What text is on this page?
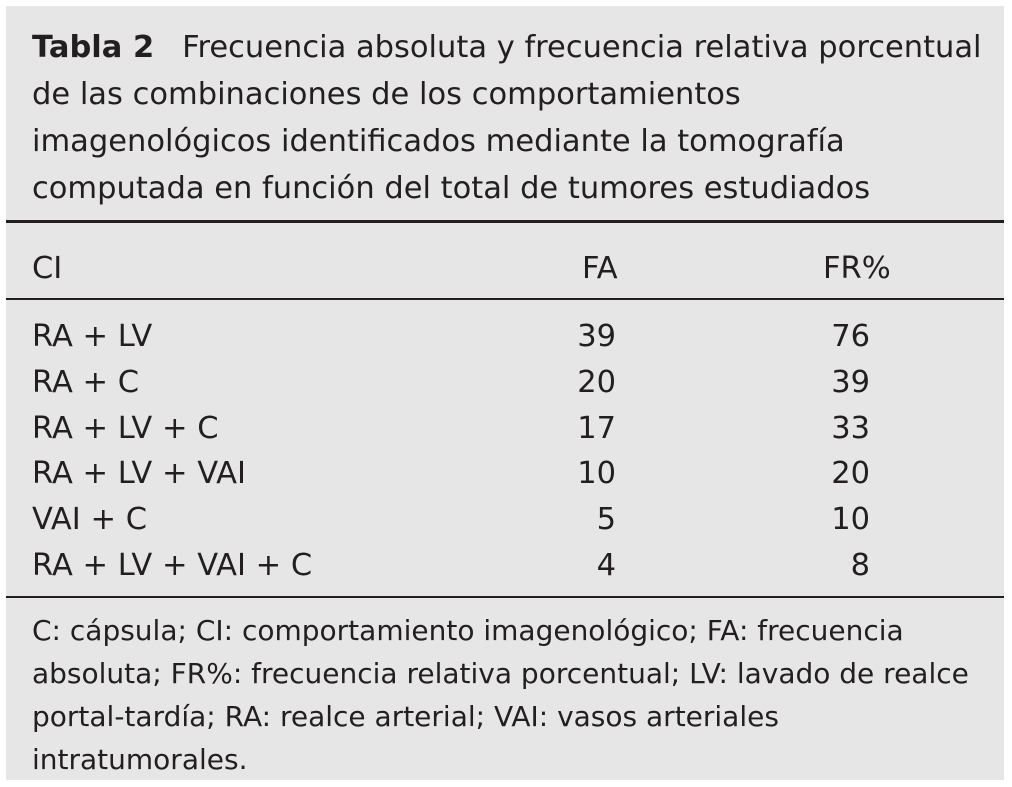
Tabla 2 Frecuencia absoluta y frecuencia relativa porcentual de las combinaciones de los comportamientos imagenológicos identificados mediante la tomografía computada en función del total de tumores estudiados
CI	FA	FR%
RA + LV	39	76
RA + C	20	39
RA + LV + C	17	33
RA + LV + VAI	10	20
VAI + C	5	10
RA + LV + VAI + C	4	8
C: cápsula; CI: comportamiento imagenológico; FA: frecuencia absoluta; FR%: frecuencia relativa porcentual; LV: lavado de realce portal-tardía; RA: realce arterial; VAI: vasos arteriales intratumorales.
